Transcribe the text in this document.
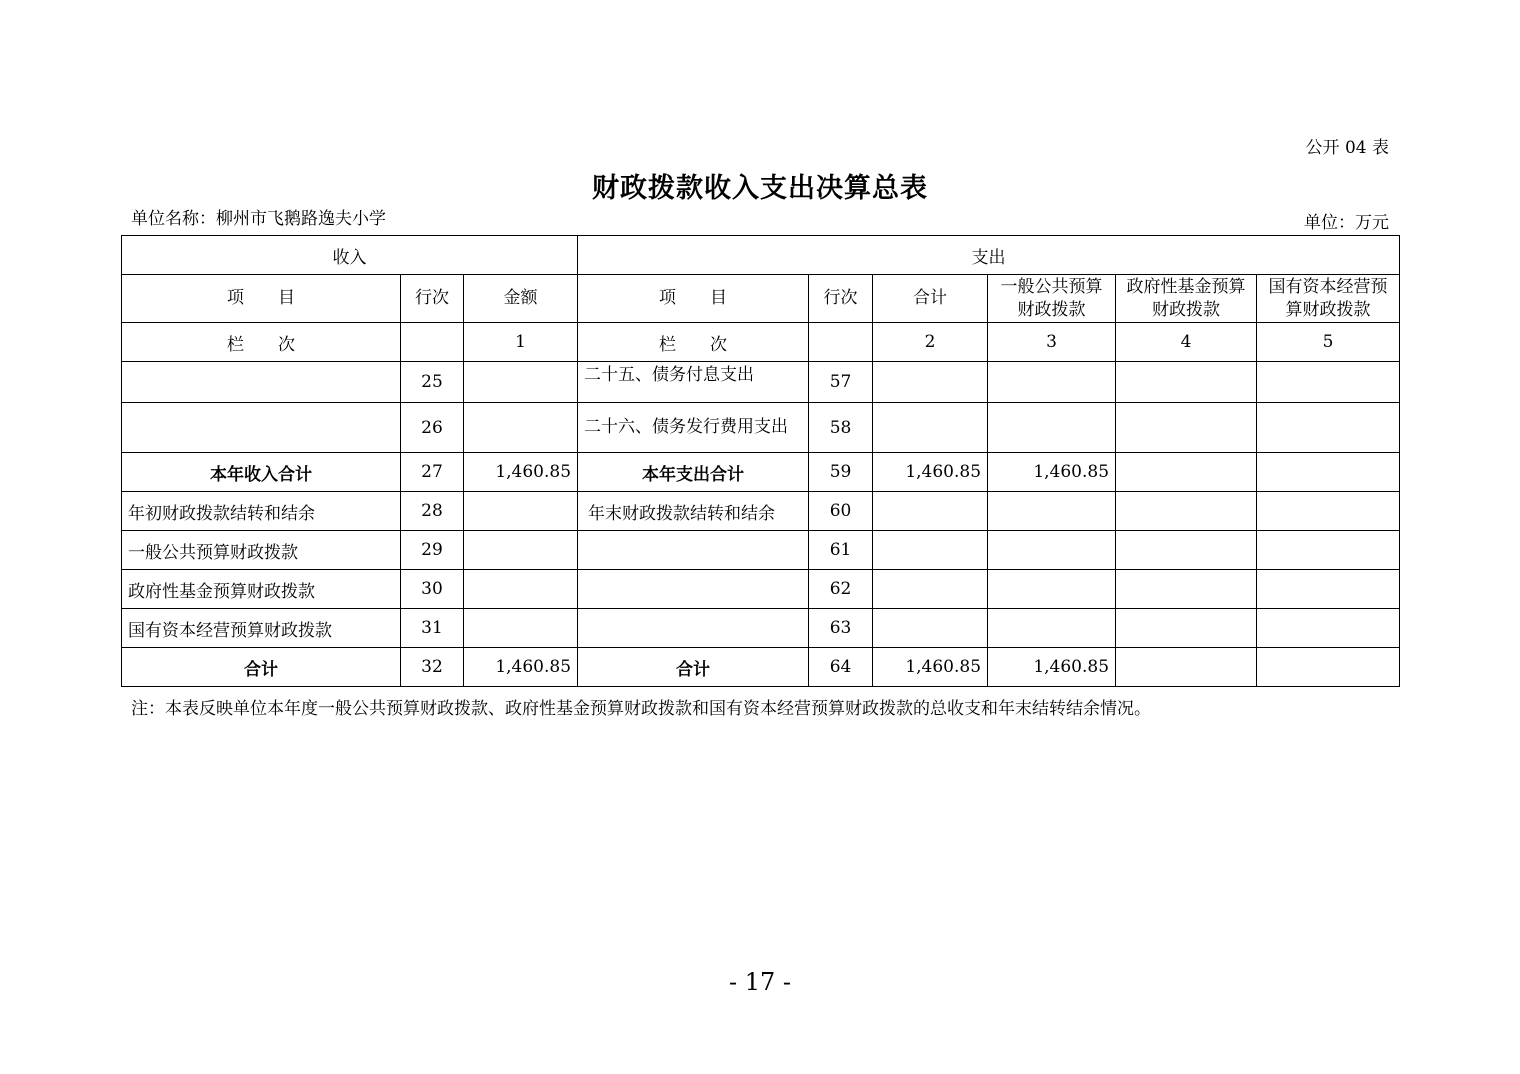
公开 04 表
财政拨款收入支出决算总表
单位名称：柳州市飞鹅路逸夫小学	单位：万元
收入			支出					
项　　目	行次	金额	项　　目	行次	合计	一般公共预算财政拨款	政府性基金预算财政拨款	国有资本经营预算财政拨款
栏　　次		1	栏　　次		2	3	4	5
	25		二十五、债务付息支出	57				
	26		二十六、债务发行费用支出	58				
本年收入合计	27	1,460.85	本年支出合计	59	1,460.85	1,460.85		
年初财政拨款结转和结余	28		年末财政拨款结转和结余	60				
一般公共预算财政拨款	29			61				
政府性基金预算财政拨款	30			62				
国有资本经营预算财政拨款	31			63				
合计	32	1,460.85	合计	64	1,460.85	1,460.85		
注：本表反映单位本年度一般公共预算财政拨款、政府性基金预算财政拨款和国有资本经营预算财政拨款的总收支和年末结转结余情况。
- 17 -
